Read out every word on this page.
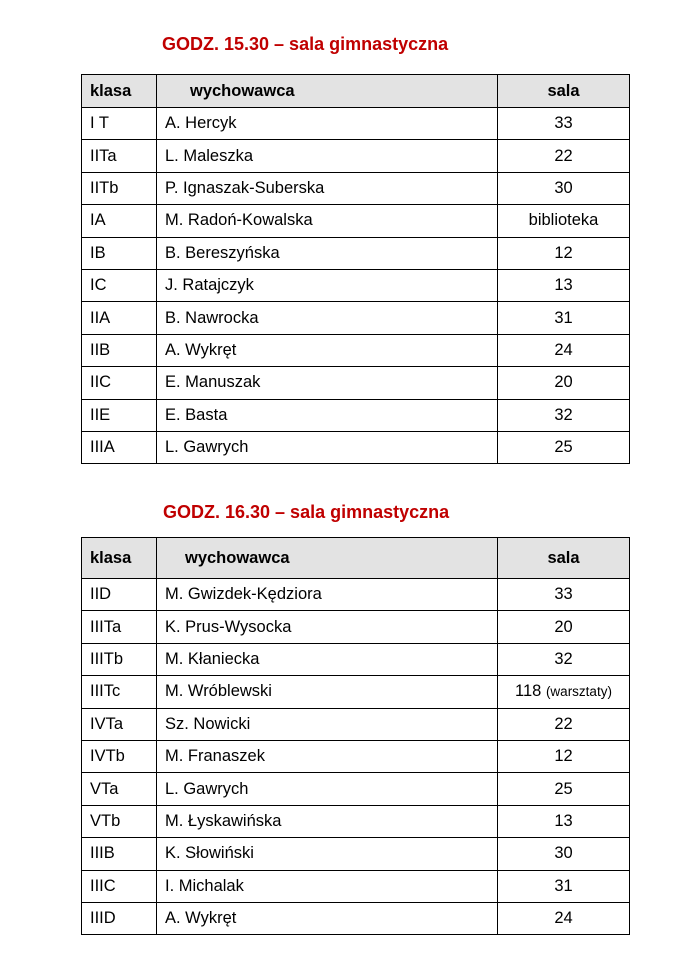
GODZ. 15.30 – sala gimnastyczna
klasa	wychowawca	sala
I T	A. Hercyk	33
IITa	L. Maleszka	22
IITb	P. Ignaszak-Suberska	30
IA	M. Radoń-Kowalska	biblioteka
IB	B. Bereszyńska	12
IC	J. Ratajczyk	13
IIA	B. Nawrocka	31
IIB	A. Wykręt	24
IIC	E. Manuszak	20
IIE	E. Basta	32
IIIA	L. Gawrych	25
GODZ. 16.30 – sala gimnastyczna
klasa	wychowawca	sala
IID	M. Gwizdek-Kędziora	33
IIITa	K. Prus-Wysocka	20
IIITb	M. Kłaniecka	32
IIITc	M. Wróblewski	118 (warsztaty)
IVTa	Sz. Nowicki	22
IVTb	M. Franaszek	12
VTa	L. Gawrych	25
VTb	M. Łyskawińska	13
IIIB	K. Słowiński	30
IIIC	I. Michalak	31
IIID	A. Wykręt	24
